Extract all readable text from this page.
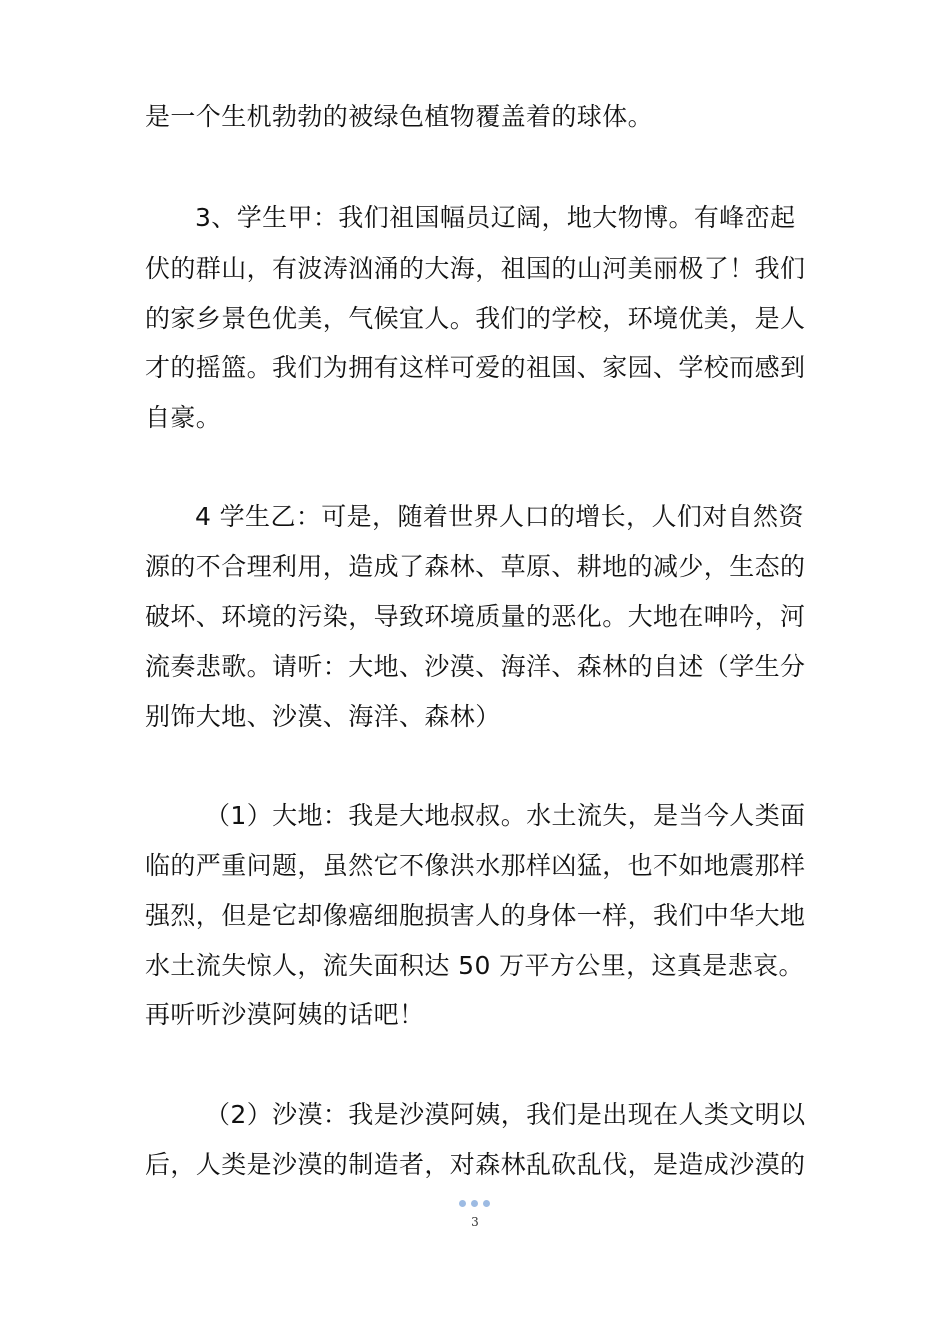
是一个生机勃勃的被绿色植物覆盖着的球体。
3、学生甲：我们祖国幅员辽阔，地大物博。有峰峦起
伏的群山，有波涛汹涌的大海，祖国的山河美丽极了！我们
的家乡景色优美，气候宜人。我们的学校，环境优美，是人
才的摇篮。我们为拥有这样可爱的祖国、家园、学校而感到
自豪。
4 学生乙：可是，随着世界人口的增长，人们对自然资
源的不合理利用，造成了森林、草原、耕地的减少，生态的
破坏、环境的污染，导致环境质量的恶化。大地在呻吟，河
流奏悲歌。请听：大地、沙漠、海洋、森林的自述（学生分
别饰大地、沙漠、海洋、森林）
（1）大地：我是大地叔叔。水土流失，是当今人类面
临的严重问题，虽然它不像洪水那样凶猛，也不如地震那样
强烈，但是它却像癌细胞损害人的身体一样，我们中华大地
水土流失惊人，流失面积达 50 万平方公里，这真是悲哀。
再听听沙漠阿姨的话吧！
（2）沙漠：我是沙漠阿姨，我们是出现在人类文明以
后，人类是沙漠的制造者，对森林乱砍乱伐，是造成沙漠的
3
